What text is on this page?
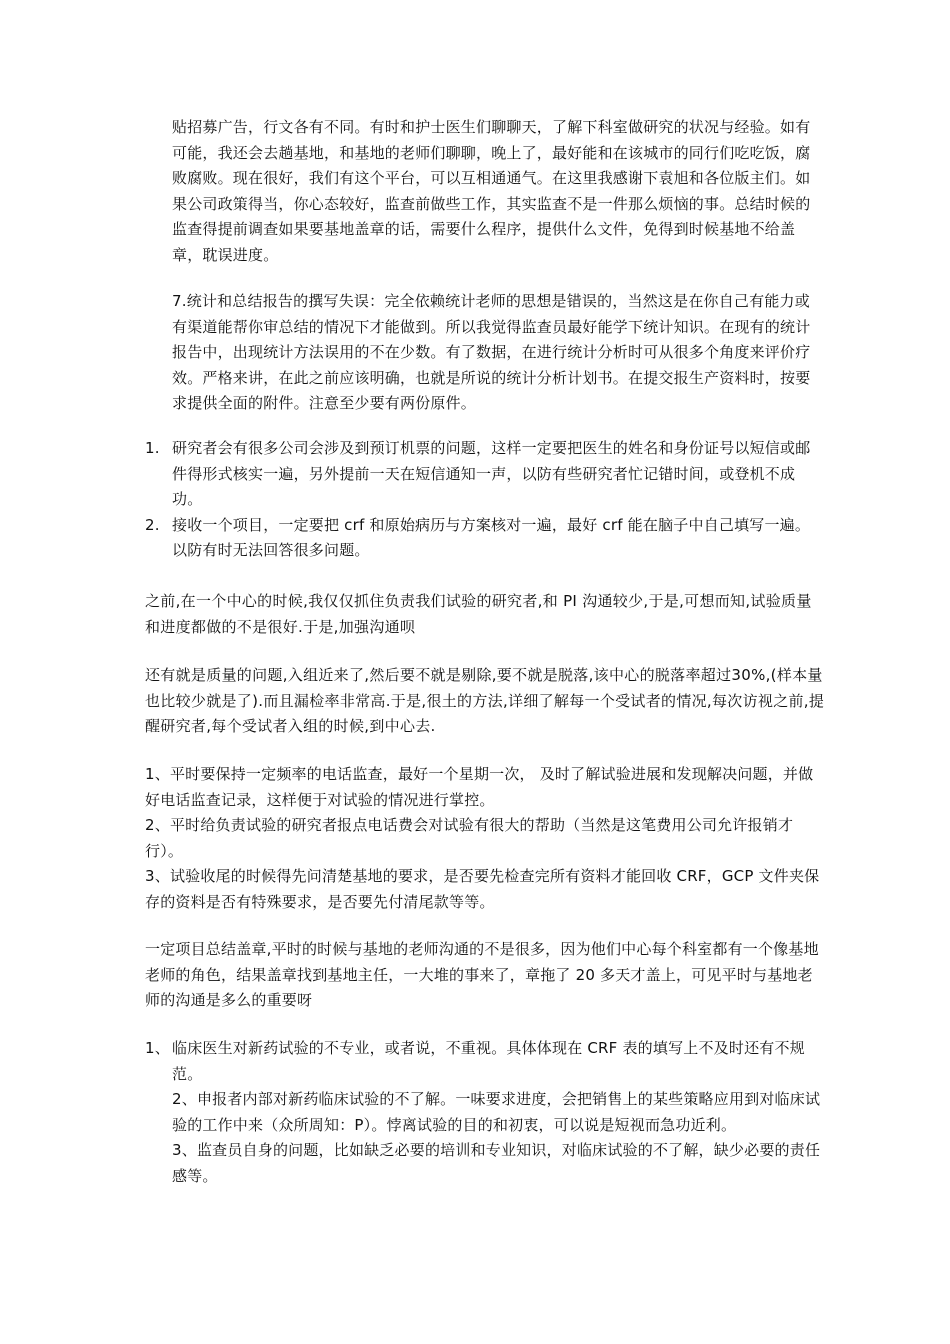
贴招募广告，行文各有不同。有时和护士医生们聊聊天，了解下科室做研究的状况与经验。如有可能，我还会去趟基地，和基地的老师们聊聊，晚上了，最好能和在该城市的同行们吃吃饭，腐败腐败。现在很好，我们有这个平台，可以互相通通气。在这里我感谢下袁旭和各位版主们。如果公司政策得当，你心态较好，监查前做些工作，其实监查不是一件那么烦恼的事。总结时候的监查得提前调查如果要基地盖章的话，需要什么程序，提供什么文件，免得到时候基地不给盖章，耽误进度。

7.统计和总结报告的撰写失误：完全依赖统计老师的思想是错误的，当然这是在你自己有能力或有渠道能帮你审总结的情况下才能做到。所以我觉得监查员最好能学下统计知识。在现有的统计报告中，出现统计方法误用的不在少数。有了数据，在进行统计分析时可从很多个角度来评价疗效。严格来讲，在此之前应该明确，也就是所说的统计分析计划书。在提交报生产资料时，按要求提供全面的附件。注意至少要有两份原件。

1. 研究者会有很多公司会涉及到预订机票的问题，这样一定要把医生的姓名和身份证号以短信或邮件得形式核实一遍，另外提前一天在短信通知一声，以防有些研究者忙记错时间，或登机不成功。
2. 接收一个项目，一定要把 crf 和原始病历与方案核对一遍，最好 crf 能在脑子中自己填写一遍。以防有时无法回答很多问题。

之前,在一个中心的时候,我仅仅抓住负责我们试验的研究者,和 PI 沟通较少,于是,可想而知,试验质量和进度都做的不是很好.于是,加强沟通呗

还有就是质量的问题,入组近来了,然后要不就是剔除,要不就是脱落,该中心的脱落率超过30%,(样本量也比较少就是了).而且漏检率非常高.于是,很土的方法,详细了解每一个受试者的情况,每次访视之前,提醒研究者,每个受试者入组的时候,到中心去.

1、平时要保持一定频率的电话监查，最好一个星期一次， 及时了解试验进展和发现解决问题，并做好电话监查记录，这样便于对试验的情况进行掌控。
2、平时给负责试验的研究者报点电话费会对试验有很大的帮助（当然是这笔费用公司允许报销才行）。
3、试验收尾的时候得先问清楚基地的要求，是否要先检查完所有资料才能回收 CRF，GCP 文件夹保存的资料是否有特殊要求，是否要先付清尾款等等。

一定项目总结盖章,平时的时候与基地的老师沟通的不是很多，因为他们中心每个科室都有一个像基地老师的角色，结果盖章找到基地主任，一大堆的事来了，章拖了 20 多天才盖上，可见平时与基地老师的沟通是多么的重要呀

1、 临床医生对新药试验的不专业，或者说，不重视。具体体现在 CRF 表的填写上不及时还有不规范。
2、申报者内部对新药临床试验的不了解。一味要求进度，会把销售上的某些策略应用到对临床试验的工作中来（众所周知：P）。悖离试验的目的和初衷，可以说是短视而急功近利。
3、监查员自身的问题，比如缺乏必要的培训和专业知识，对临床试验的不了解，缺少必要的责任感等。
